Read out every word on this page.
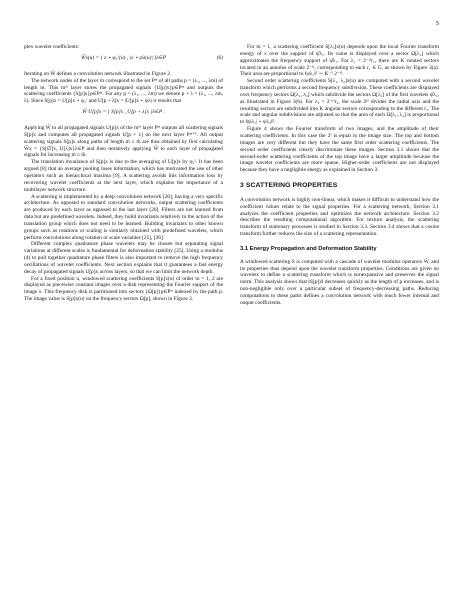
5

plex wavelet coefficients:

W̃x(u) = { x ⋆ φ₂ᴶ(u) , |x ⋆ ψλ(u)| }λ∈P	(6)

Iterating on W̃ defines a convolution network illustrated in Figure 2.

The network nodes of the layer m correspond to the set Pᵐ of all paths p = (λ₁, ..., λm) of length m. This mᵗʰ layer stores the propagated signals {U[p]x}p∈Pᵐ and outputs the scattering coefficients {S[p]x}p∈Pᵐ. For any p = (λ₁, ..., λm) we denote p + λ = (λ₁, ..., λm, λ). Since S[p]x = U[p]x ⋆ φ₂ᴶ and U[p + λ]x = |U[p]x ⋆ ψλ| it results that

W̃ U[p]x = { S[p]x , U[p + λ]x }λ∈P .

Applying W̃ to all propagated signals U[p]x of the mᵗʰ layer Pᵐ outputs all scattering signals S[p]x and computes all propagated signals U[p + λ] on the next layer Pᵐ⁺¹. All output scattering signals S[p]x along paths of length m ≤ m̄ are thus obtained by first calculating W̃x = {S[∅]x, U[λ]x}λ∈P and then iteratively applying W̃ to each layer of propagated signals for increasing m ≤ m̄.

The translation invariance of S[p]x is due to the averaging of U[p]x by φ₂ᴶ. It has been argued [8] that an average pooling loses information, which has motivated the use of other operators such as hierarchical maxima [9]. A scattering avoids this information loss by recovering wavelet coefficients at the next layer, which explains the importance of a multilayer network structure.

A scattering is implemented by a deep convolution network [20], having a very specific architecture. As opposed to standard convolution networks, output scattering coefficients are produced by each layer as opposed to the last layer [20]. Filters are not learned from data but are predefined wavelets. Indeed, they build invariants relatively to the action of the translation group which does not need to be learned. Building invariants to other known groups such as rotations or scaling is similarly obtained with predefined wavelets, which perform convolutions along rotation or scale variables [25], [26].

Different complex quadrature phase wavelets may be chosen but separating signal variations at different scales is fundamental for deformation stability [25]. Using a modulus (4) to pull together quadrature phase filters is also important to remove the high frequency oscillations of wavelet coefficients. Next section explains that it guarantees a fast energy decay of propagated signals U[p]x across layers, so that we can limit the network depth.

For a fixed position u, windowed scattering coefficients S[p]x(u) of order m = 1, 2 are displayed as piecewise constant images over a disk representing the Fourier support of the image x. This frequency disk is partitioned into sectors {Ω[p]}p∈Pᵐ indexed by the path p. The image value is S[p]x(u) on the frequency sectors Ω[p], shown in Figure 3.

For m = 1, a scattering coefficient S[λ₁]x(u) depends upon the local Fourier transform energy of x over the support of ψ̂λ₁. Its value is displayed over a sector Ω[λ₁] which approximates the frequency support of ψ̂λ₁. For λ₁ = 2⁻ʲ¹r₁, there are K rotated sectors located in an annulus of scale 2⁻ʲ¹, corresponding to each r₁ ∈ G, as shown by Figure 3(a). Their area are proportional to ‖ψλ₁‖² ∼ K⁻¹ 2⁻ʲ¹.

Second order scattering coefficients S[λ₁, λ₂]x(u) are computed with a second wavelet transform which performs a second frequency subdivision. These coefficients are displayed over frequency sectors Ω[λ₁, λ₂] which subdivide the sectors Ω[λ₁] of the first wavelets ψ̂λ₁, as illustrated in Figure 3(b). For λ₂ = 2⁻ʲ²r₂, the scale 2ʲ² divides the radial axis and the resulting sectors are subdivided into K angular sectors corresponding to the different r₂. The scale and angular subdivisions are adjusted so that the area of each Ω[λ₁, λ₂] is proportional to ‖|ψλ₁| ⋆ ψλ₂‖².

Figure 4 shows the Fourier transform of two images, and the amplitude of their scattering coefficients. In this case the 2ᴶ is equal to the image size. The top and bottom images are very different but they have the same first order scattering coefficients. The second order coefficients clearly discriminate these images. Section 3.1 shows that the second-order scattering coefficients of the top image have a larger amplitude because the image wavelet coefficients are more sparse. Higher-order coefficients are not displayed because they have a negligible energy as explained in Section 3.

3 SCATTERING PROPERTIES

A convolution network is highly non-linear, which makes it difficult to understand how the coefficient values relate to the signal properties. For a scattering network, Section 3.1 analyzes the coefficient properties and optimizes the network architecture. Section 3.2 describes the resulting computational algorithm. For texture analysis, the scattering transform of stationary processes is studied in Section 3.3. Section 3.4 shows that a cosine transform further reduces the size of a scattering representation.

3.1 Energy Propagation and Deformation Stability

A windowed scattering S is computed with a cascade of wavelet modulus operators W̃, and its properties thus depend upon the wavelet transform properties. Conditions are given on wavelets to define a scattering transform which is nonexpansive and preserves the signal norm. This analysis shows that ‖S[p]x‖ decreases quickly as the length of p increases, and is non-negligible only over a particular subset of frequency-decreasing paths. Reducing computations to these paths defines a convolution network with much fewer internal and output coefficients.
